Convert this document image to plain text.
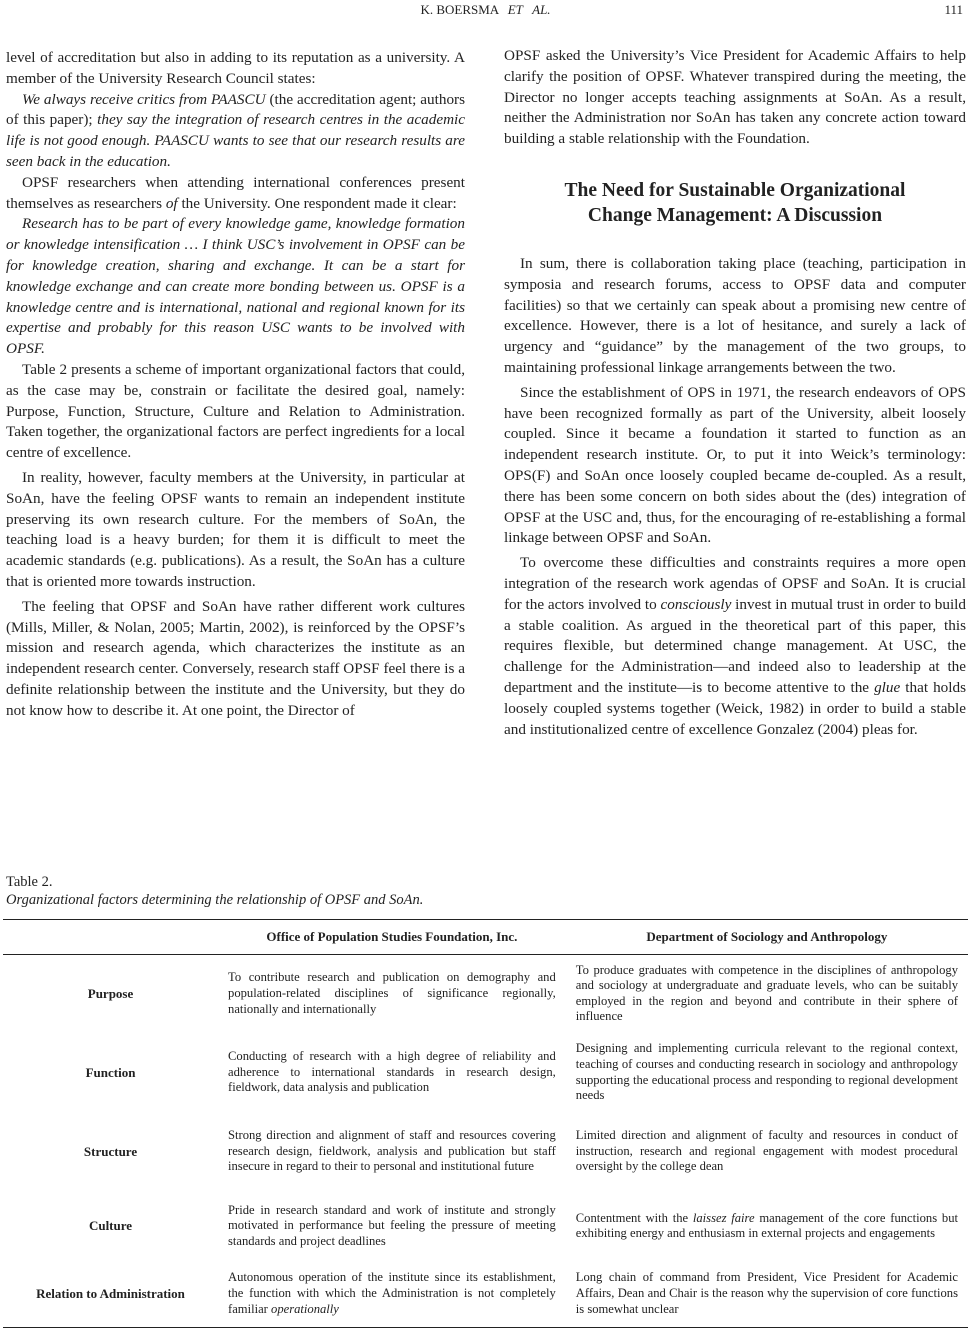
K. BOERSMA ET AL.	111

level of accreditation but also in adding to its reputation as a university. A member of the University Research Council states:

We always receive critics from PAASCU (the accreditation agent; authors of this paper); they say the integration of research centres in the academic life is not good enough. PAASCU wants to see that our research results are seen back in the education.

OPSF researchers when attending international conferences present themselves as researchers of the University. One respondent made it clear:

Research has to be part of every knowledge game, knowledge formation or knowledge intensification … I think USC’s involvement in OPSF can be for knowledge creation, sharing and exchange. It can be a start for knowledge exchange and can create more bonding between us. OPSF is a knowledge centre and is international, national and regional known for its expertise and probably for this reason USC wants to be involved with OPSF.

Table 2 presents a scheme of important organizational factors that could, as the case may be, constrain or facilitate the desired goal, namely: Purpose, Function, Structure, Culture and Relation to Administration. Taken together, the organizational factors are perfect ingredients for a local centre of excellence.

In reality, however, faculty members at the University, in particular at SoAn, have the feeling OPSF wants to remain an independent institute preserving its own research culture. For the members of SoAn, the teaching load is a heavy burden; for them it is difficult to meet the academic standards (e.g. publications). As a result, the SoAn has a culture that is oriented more towards instruction.

The feeling that OPSF and SoAn have rather different work cultures (Mills, Miller, & Nolan, 2005; Martin, 2002), is reinforced by the OPSF’s mission and research agenda, which characterizes the institute as an independent research center. Conversely, research staff OPSF feel there is a definite relationship between the institute and the University, but they do not know how to describe it. At one point, the Director of

OPSF asked the University’s Vice President for Academic Affairs to help clarify the position of OPSF. Whatever transpired during the meeting, the Director no longer accepts teaching assignments at SoAn. As a result, neither the Administration nor SoAn has taken any concrete action toward building a stable relationship with the Foundation.

The Need for Sustainable Organizational
Change Management: A Discussion

In sum, there is collaboration taking place (teaching, participation in symposia and research forums, access to OPSF data and computer facilities) so that we certainly can speak about a promising new centre of excellence. However, there is a lot of hesitance, and surely a lack of urgency and “guidance” by the management of the two groups, to maintaining professional linkage arrangements between the two.

Since the establishment of OPS in 1971, the research endeavors of OPS have been recognized formally as part of the University, albeit loosely coupled. Since it became a foundation it started to function as an independent research institute. Or, to put it into Weick’s terminology: OPS(F) and SoAn once loosely coupled became de-coupled. As a result, there has been some concern on both sides about the (des) integration of OPSF at the USC and, thus, for the encouraging of re-establishing a formal linkage between OPSF and SoAn.

To overcome these difficulties and constraints requires a more open integration of the research work agendas of OPSF and SoAn. It is crucial for the actors involved to consciously invest in mutual trust in order to build a stable coalition. As argued in the theoretical part of this paper, this requires flexible, but determined change management. At USC, the challenge for the Administration—and indeed also to leadership at the department and the institute—is to become attentive to the glue that holds loosely coupled systems together (Weick, 1982) in order to build a stable and institutionalized centre of excellence Gonzalez (2004) pleas for.

Table 2.
Organizational factors determining the relationship of OPSF and SoAn.
	Office of Population Studies Foundation, Inc.	Department of Sociology and Anthropology
Purpose	To contribute research and publication on demography and population-related disciplines of significance regionally, nationally and internationally	To produce graduates with competence in the disciplines of anthropology and sociology at undergraduate and graduate levels, who can be suitably employed in the region and beyond and contribute in their sphere of influence
Function	Conducting of research with a high degree of reliability and adherence to international standards in research design, fieldwork, data analysis and publication	Designing and implementing curricula relevant to the regional context, teaching of courses and conducting research in sociology and anthropology supporting the educational process and responding to regional development needs
Structure	Strong direction and alignment of staff and resources covering research design, fieldwork, analysis and publication but staff insecure in regard to their to personal and institutional future	Limited direction and alignment of faculty and resources in conduct of instruction, research and regional engagement with modest procedural oversight by the college dean
Culture	Pride in research standard and work of institute and strongly motivated in performance but feeling the pressure of meeting standards and project deadlines	Contentment with the laissez faire management of the core functions but exhibiting energy and enthusiasm in external projects and engagements
Relation to Administration	Autonomous operation of the institute since its establishment, the function with which the Administration is not completely familiar operationally	Long chain of command from President, Vice President for Academic Affairs, Dean and Chair is the reason why the supervision of core functions is somewhat unclear
